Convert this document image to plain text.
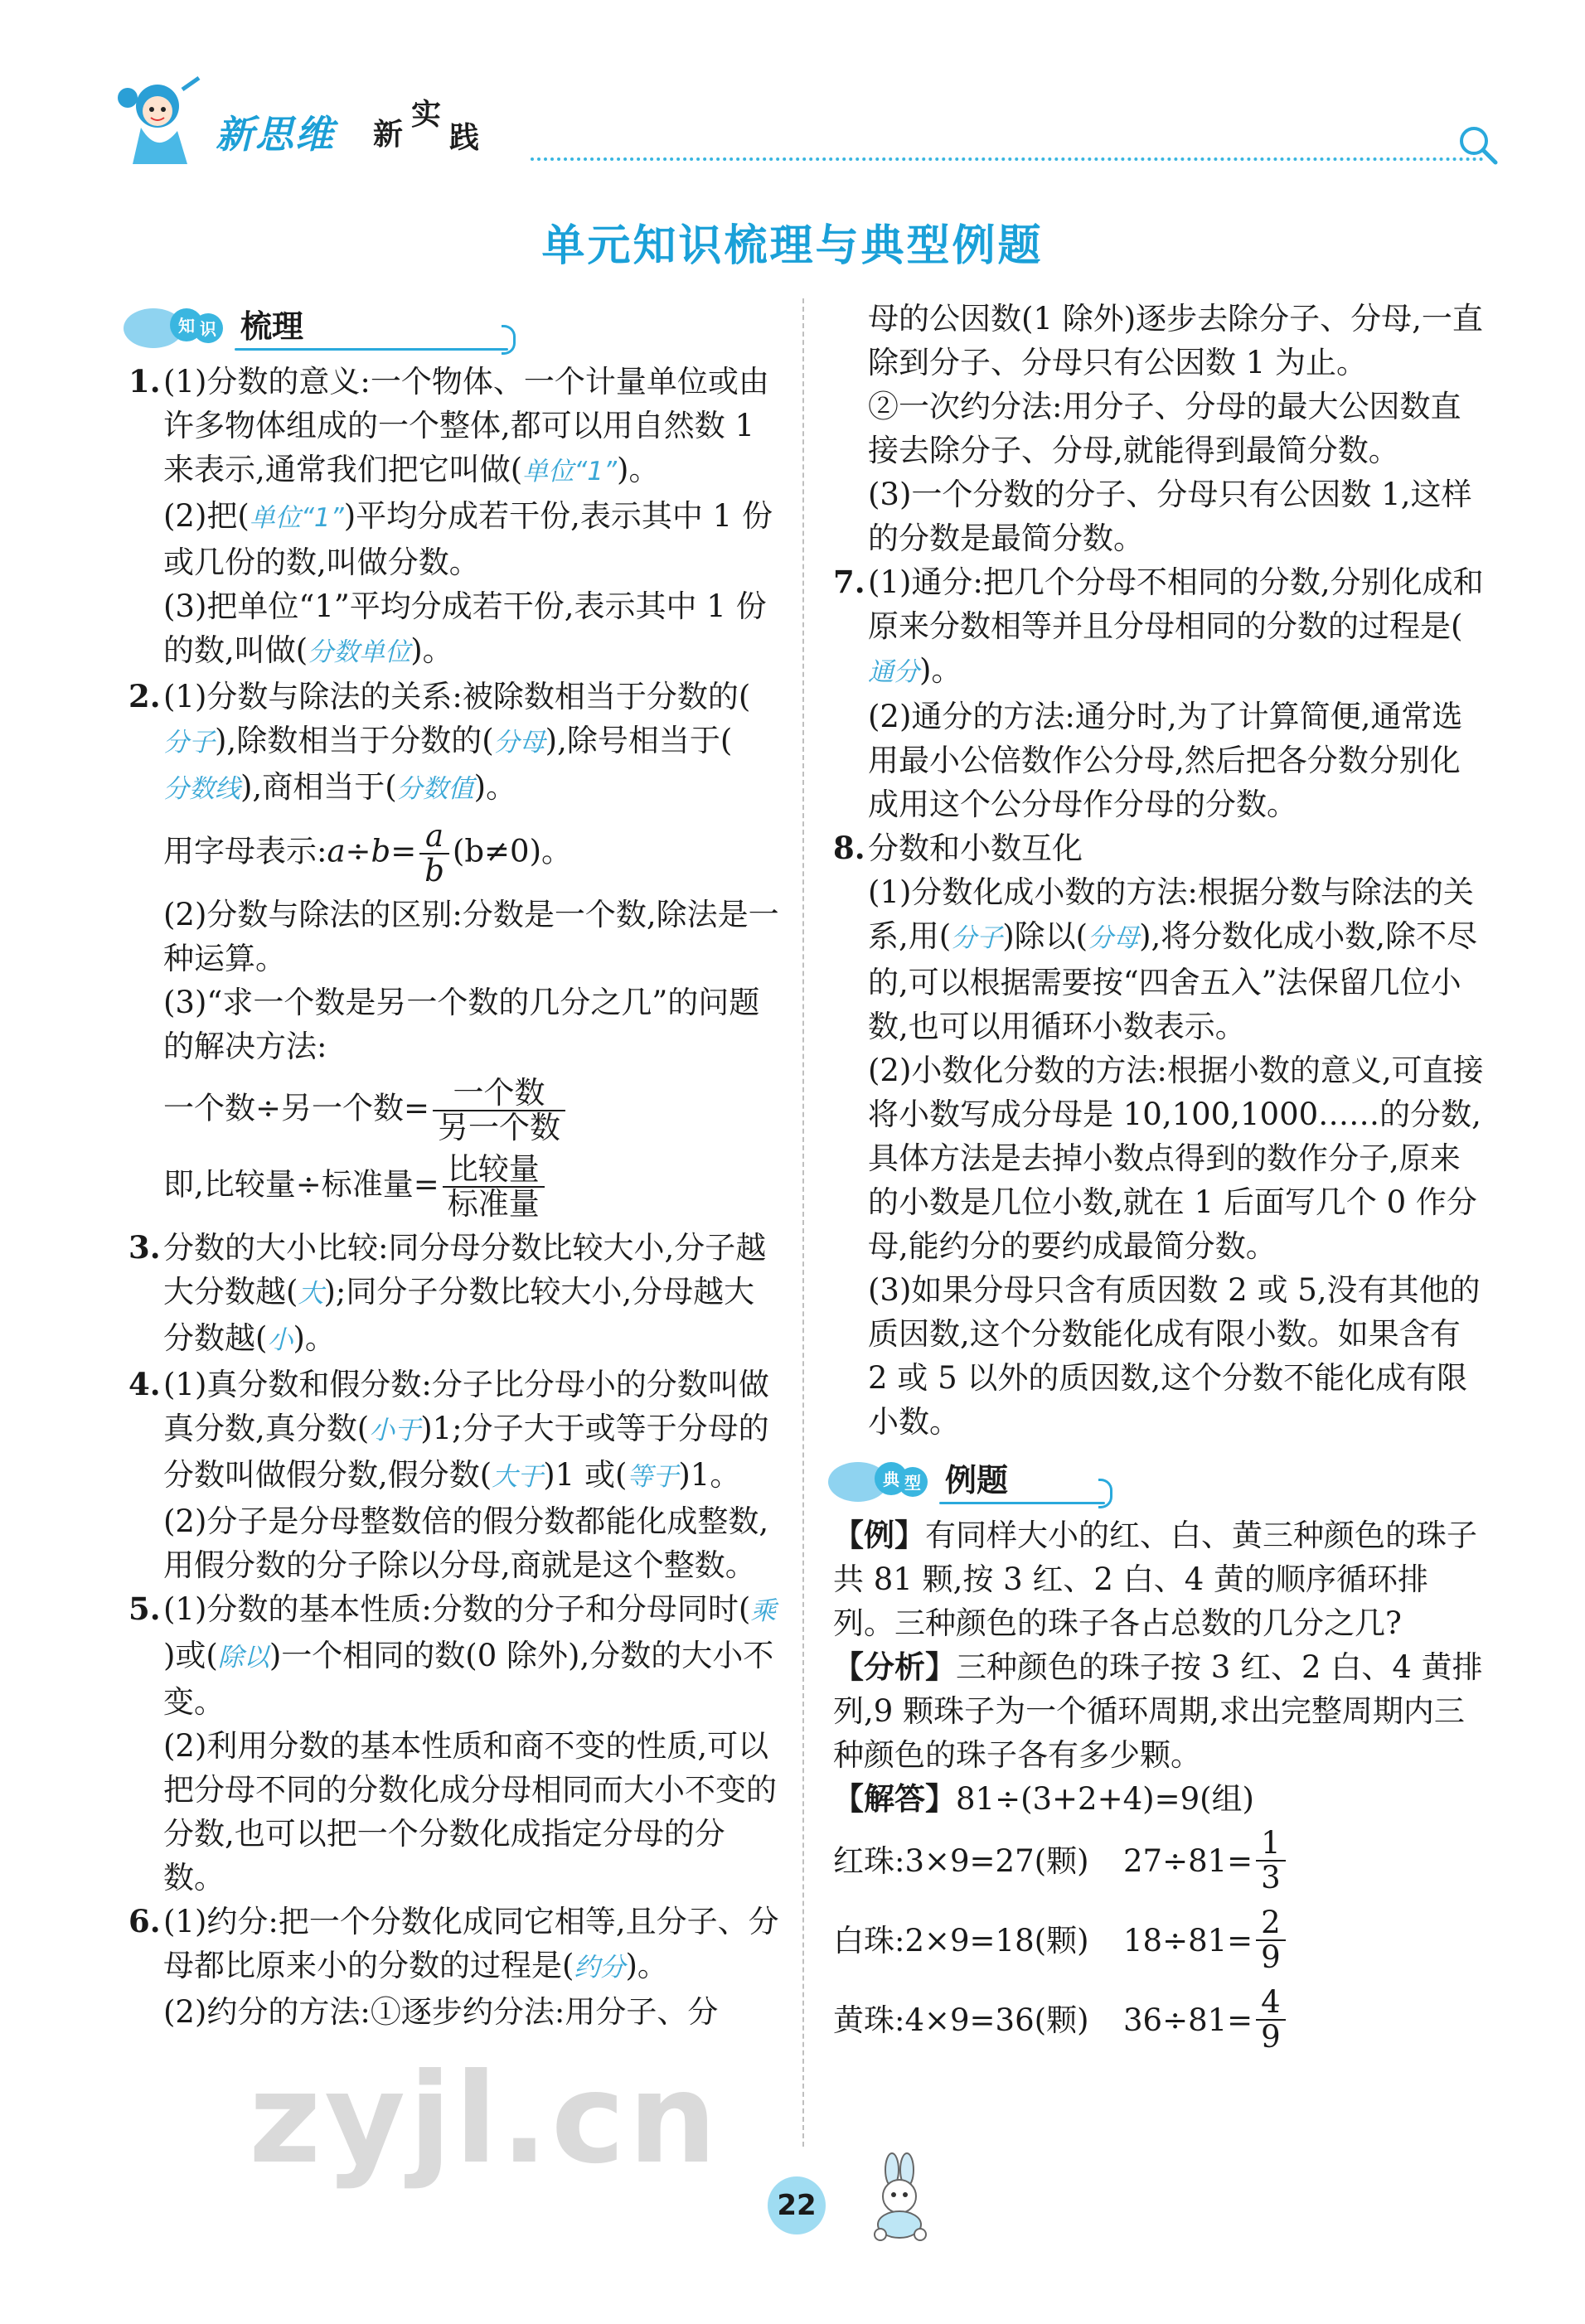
新思维 新
实
践
单元知识梳理与典型例题
知 识 梳理
1. (1)分数的意义:一个物体、一个计量单位或由许多物体组成的一个整体,都可以用自然数 1 来表示,通常我们把它叫做(单位“1”)。

(2)把(单位“1”)平均分成若干份,表示其中 1 份或几份的数,叫做分数。

(3)把单位“1”平均分成若干份,表示其中 1 份的数,叫做(分数单位)。

2. (1)分数与除法的关系:被除数相当于分数的(分子),除数相当于分数的(分母),除号相当于(分数线),商相当于(分数值)。

用字母表示:a÷b= $\frac{a}{b} (b\ne 0)$。

(2)分数与除法的区别:分数是一个数,除法是一种运算。

(3)“求一个数是另一个数的几分之几”的问题的解决方法:

一个数÷另一个数= $\frac{\text{一个数}}{\text{另一个数}}$

即,比较量÷标准量= $\frac{\text{比较量}}{\text{标准量}}$

3. 分数的大小比较:同分母分数比较大小,分子越大分数越(大);同分子分数比较大小,分母越大分数越(小)。

4. (1)真分数和假分数:分子比分母小的分数叫做真分数,真分数(小于)1;分子大于或等于分母的分数叫做假分数,假分数(大于)1 或(等于)1。

(2)分子是分母整数倍的假分数都能化成整数,用假分数的分子除以分母,商就是这个整数。

5. (1)分数的基本性质:分数的分子和分母同时(乘)或(除以)一个相同的数(0 除外),分数的大小不变。

(2)利用分数的基本性质和商不变的性质,可以把分母不同的分数化成分母相同而大小不变的分数,也可以把一个分数化成指定分母的分数。

6. (1)约分:把一个分数化成同它相等,且分子、分母都比原来小的分数的过程是(约分)。

(2)约分的方法:①逐步约分法:用分子、分

母的公因数(1 除外)逐步去除分子、分母,一直除到分子、分母只有公因数 1 为止。

②一次约分法:用分子、分母的最大公因数直接去除分子、分母,就能得到最简分数。

(3)一个分数的分子、分母只有公因数 1,这样的分数是最简分数。

7. (1)通分:把几个分母不相同的分数,分别化成和原来分数相等并且分母相同的分数的过程是(通分)。

(2)通分的方法:通分时,为了计算简便,通常选用最小公倍数作公分母,然后把各分数分别化成用这个公分母作分母的分数。

8. 分数和小数互化

(1)分数化成小数的方法:根据分数与除法的关系,用(分子)除以(分母),将分数化成小数,除不尽的,可以根据需要按“四舍五入”法保留几位小数,也可以用循环小数表示。

(2)小数化分数的方法:根据小数的意义,可直接将小数写成分母是 10,100,1000……的分数,具体方法是去掉小数点得到的数作分子,原来的小数是几位小数,就在 1 后面写几个 0 作分母,能约分的要约成最简分数。

(3)如果分母只含有质因数 2 或 5,没有其他的质因数,这个分数能化成有限小数。如果含有 2 或 5 以外的质因数,这个分数不能化成有限小数。

典 型 例题

【例】有同样大小的红、白、黄三种颜色的珠子共 81 颗,按 3 红、2 白、4 黄的顺序循环排列。三种颜色的珠子各占总数的几分之几?

【分析】三种颜色的珠子按 3 红、2 白、4 黄排列,9 颗珠子为一个循环周期,求出完整周期内三种颜色的珠子各有多少颗。

【解答】81÷(3+2+4)=9(组)

红珠:3×9=27(颗)	$27\div 81= \frac{1}{3}$
白珠:2×9=18(颗)	$18\div 81= \frac{2}{9}$
黄珠:4×9=36(颗)	$36\div 81= \frac{4}{9}$
zyjl.cn
22
